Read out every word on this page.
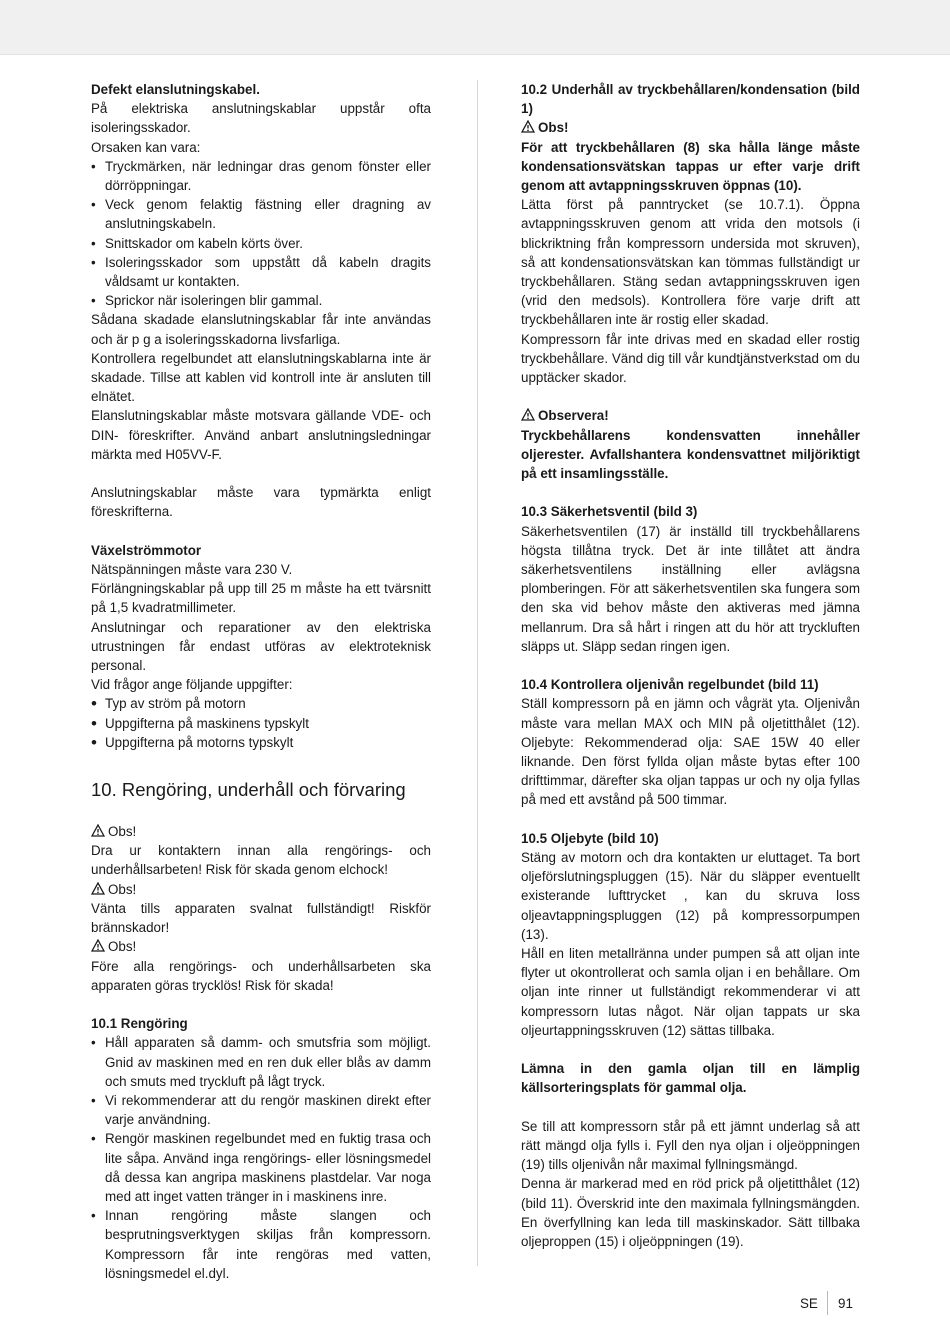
Defekt elanslutningskabel.

På elektriska anslutningskablar uppstår ofta isoleringsskador.

Orsaken kan vara:

• Tryckmärken, när ledningar dras genom fönster eller dörröppningar.
• Veck genom felaktig fästning eller dragning av anslutningskabeln.
• Snittskador om kabeln körts över.
• Isoleringsskador som uppstått då kabeln dragits våldsamt ur kontakten.
• Sprickor när isoleringen blir gammal.

Sådana skadade elanslutningskablar får inte användas och är p g a isoleringsskadorna livsfarliga.

Kontrollera regelbundet att elanslutningskablarna inte är skadade. Tillse att kablen vid kontroll inte är ansluten till elnätet.

Elanslutningskablar måste motsvara gällande VDE- och DIN- föreskrifter. Använd anbart anslutningsledningar märkta med H05VV-F.

Anslutningskablar måste vara typmärkta enligt föreskrifterna.

Växelströmmotor

Nätspänningen måste vara 230 V.

Förlängningskablar på upp till 25 m måste ha ett tvärsnitt på 1,5 kvadratmillimeter.

Anslutningar och reparationer av den elektriska utrustningen får endast utföras av elektroteknisk personal.

Vid frågor ange följande uppgifter:

• Typ av ström på motorn
• Uppgifterna på maskinens typskylt
• Uppgifterna på motorns typskylt

10. Rengöring, underhåll och förvaring

Obs!

Dra ur kontaktern innan alla rengörings- och underhållsarbeten! Risk för skada genom elchock!

Obs!

Vänta tills apparaten svalnat fullständigt! Riskför brännskador!

Obs!

Före alla rengörings- och underhållsarbeten ska apparaten göras trycklös! Risk för skada!

10.1 Rengöring

• Håll apparaten så damm- och smutsfria som möjligt. Gnid av maskinen med en ren duk eller blås av damm och smuts med tryckluft på lågt tryck.
• Vi rekommenderar att du rengör maskinen direkt efter varje användning.
• Rengör maskinen regelbundet med en fuktig trasa och lite såpa. Använd inga rengörings- eller lösningsmedel då dessa kan angripa maskinens plastdelar. Var noga med att inget vatten tränger in i maskinens inre.
• Innan rengöring måste slangen och besprutningsverktygen skiljas från kompressorn. Kompressorn får inte rengöras med vatten, lösningsmedel el.dyl.

10.2 Underhåll av tryckbehållaren/kondensation (bild 1)

Obs!

För att tryckbehållaren (8) ska hålla länge måste kondensationsvätskan tappas ur efter varje drift genom att avtappningsskruven öppnas (10).

Lätta först på panntrycket (se 10.7.1). Öppna avtappningsskruven genom att vrida den motsols (i blickriktning från kompressorn undersida mot skruven), så att kondensationsvätskan kan tömmas fullständigt ur tryckbehållaren. Stäng sedan avtappningsskruven igen (vrid den medsols). Kontrollera före varje drift att tryckbehållaren inte är rostig eller skadad.

Kompressorn får inte drivas med en skadad eller rostig tryckbehållare. Vänd dig till vår kundtjänstverkstad om du upptäcker skador.

Observera!

Tryckbehållarens kondensvatten innehåller oljerester. Avfallshantera kondensvattnet miljöriktigt på ett insamlingsställe.

10.3 Säkerhetsventil (bild 3)

Säkerhetsventilen (17) är inställd till tryckbehållarens högsta tillåtna tryck. Det är inte tillåtet att ändra säkerhetsventilens inställning eller avlägsna plomberingen. För att säkerhetsventilen ska fungera som den ska vid behov måste den aktiveras med jämna mellanrum. Dra så hårt i ringen att du hör att tryckluften släpps ut. Släpp sedan ringen igen.

10.4 Kontrollera oljenivån regelbundet (bild 11)

Ställ kompressorn på en jämn och vågrät yta. Oljenivån måste vara mellan MAX och MIN på oljetitthålet (12). Oljebyte: Rekommenderad olja: SAE 15W 40 eller liknande. Den först fyllda oljan måste bytas efter 100 drifttimmar, därefter ska oljan tappas ur och ny olja fyllas på med ett avstånd på 500 timmar.

10.5 Oljebyte (bild 10)

Stäng av motorn och dra kontakten ur eluttaget. Ta bort oljeförslutningspluggen (15). När du släpper eventuellt existerande lufttrycket , kan du skruva loss oljeavtappningspluggen (12) på kompressorpumpen (13).

Håll en liten metallränna under pumpen så att oljan inte flyter ut okontrollerat och samla oljan i en behållare. Om oljan inte rinner ut fullständigt rekommenderar vi att kompressorn lutas något. När oljan tappats ur ska oljeurtappningsskruven (12) sättas tillbaka.

Lämna in den gamla oljan till en lämplig källsorteringsplats för gammal olja.

Se till att kompressorn står på ett jämnt underlag så att rätt mängd olja fylls i. Fyll den nya oljan i oljeöppningen (19) tills oljenivån når maximal fyllningsmängd.

Denna är markerad med en röd prick på oljetitthålet (12) (bild 11). Överskrid inte den maximala fyllningsmängden. En överfyllning kan leda till maskinskador. Sätt tillbaka oljeproppen (15) i oljeöppningen (19).

SE 91
